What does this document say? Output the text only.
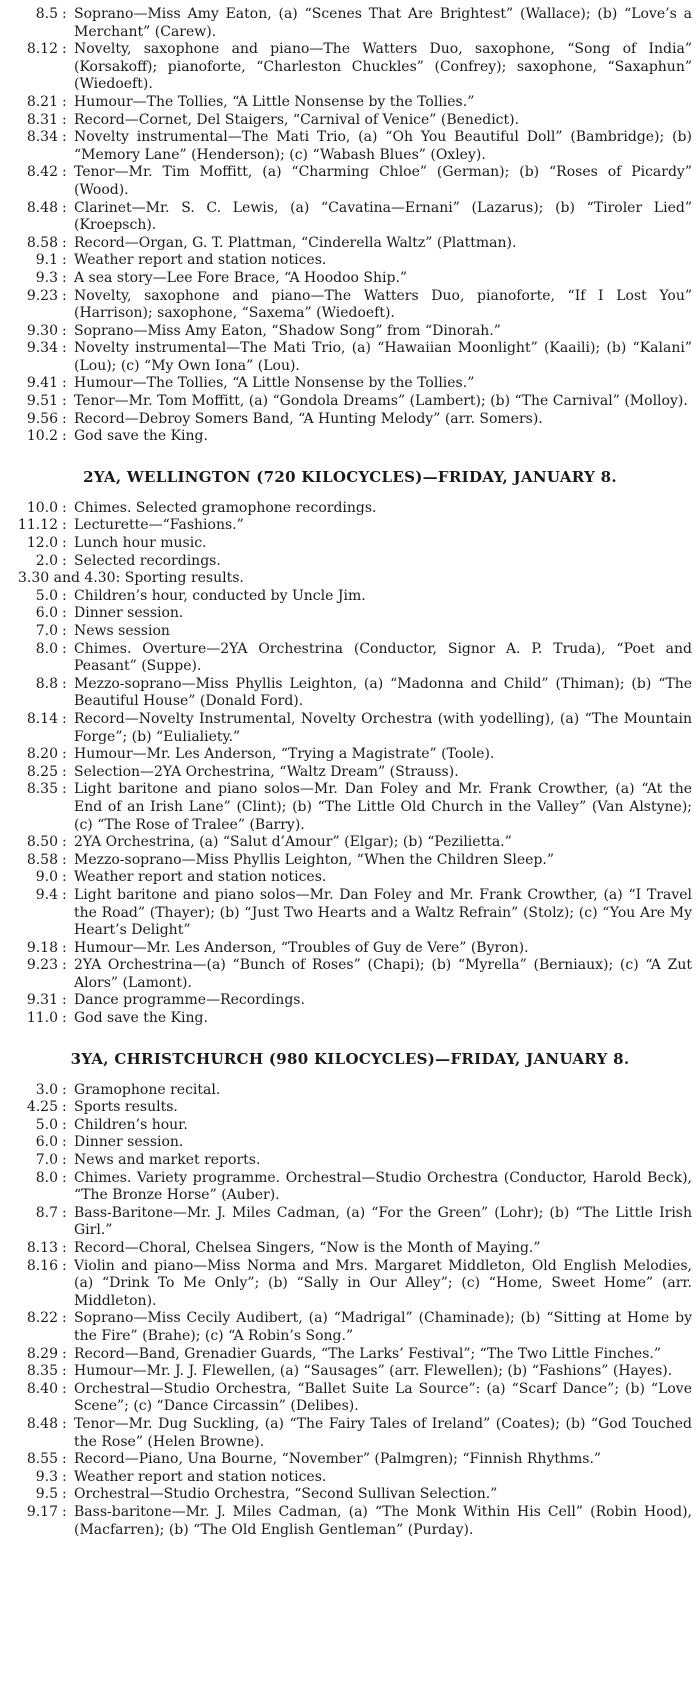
8.5 : Soprano—Miss Amy Eaton, (a) “Scenes That Are Brightest” (Wallace); (b) “Love’s a Merchant” (Carew).
8.12 : Novelty, saxophone and piano—The Watters Duo, saxophone, “Song of India” (Korsakoff); pianoforte, “Charleston Chuckles” (Confrey); saxophone, “Saxaphun” (Wiedoeft).
8.21 : Humour—The Tollies, “A Little Nonsense by the Tollies.”
8.31 : Record—Cornet, Del Staigers, “Carnival of Venice” (Benedict).
8.34 : Novelty instrumental—The Mati Trio, (a) “Oh You Beautiful Doll” (Bambridge); (b) “Memory Lane” (Henderson); (c) “Wabash Blues” (Oxley).
8.42 : Tenor—Mr. Tim Moffitt, (a) “Charming Chloe” (German); (b) “Roses of Picardy” (Wood).
8.48 : Clarinet—Mr. S. C. Lewis, (a) “Cavatina—Ernani” (Lazarus); (b) “Tiroler Lied” (Kroepsch).
8.58 : Record—Organ, G. T. Plattman, “Cinderella Waltz” (Plattman).
9.1 : Weather report and station notices.
9.3 : A sea story—Lee Fore Brace, “A Hoodoo Ship.”
9.23 : Novelty, saxophone and piano—The Watters Duo, pianoforte, “If I Lost You” (Harrison); saxophone, “Saxema” (Wiedoeft).
9.30 : Soprano—Miss Amy Eaton, “Shadow Song” from “Dinorah.”
9.34 : Novelty instrumental—The Mati Trio, (a) “Hawaiian Moonlight” (Kaaili); (b) “Kalani” (Lou); (c) “My Own Iona” (Lou).
9.41 : Humour—The Tollies, “A Little Nonsense by the Tollies.”
9.51 : Tenor—Mr. Tom Moffitt, (a) “Gondola Dreams” (Lambert); (b) “The Carnival” (Molloy).
9.56 : Record—Debroy Somers Band, “A Hunting Melody” (arr. Somers).
10.2 : God save the King.
2YA, WELLINGTON (720 KILOCYCLES)—FRIDAY, JANUARY 8.
10.0 : Chimes. Selected gramophone recordings.
11.12 : Lecturette—“Fashions.”
12.0 : Lunch hour music.
2.0 : Selected recordings.
3.30 and 4.30: Sporting results.
5.0 : Children’s hour, conducted by Uncle Jim.
6.0 : Dinner session.
7.0 : News session
8.0 : Chimes. Overture—2YA Orchestrina (Conductor, Signor A. P. Truda), “Poet and Peasant” (Suppe).
8.8 : Mezzo-soprano—Miss Phyllis Leighton, (a) “Madonna and Child” (Thiman); (b) “The Beautiful House” (Donald Ford).
8.14 : Record—Novelty Instrumental, Novelty Orchestra (with yodelling), (a) “The Mountain Forge”; (b) “Eulialiety.”
8.20 : Humour—Mr. Les Anderson, “Trying a Magistrate” (Toole).
8.25 : Selection—2YA Orchestrina, “Waltz Dream” (Strauss).
8.35 : Light baritone and piano solos—Mr. Dan Foley and Mr. Frank Crowther, (a) “At the End of an Irish Lane” (Clint); (b) “The Little Old Church in the Valley” (Van Alstyne); (c) “The Rose of Tralee” (Barry).
8.50 : 2YA Orchestrina, (a) “Salut d’Amour” (Elgar); (b) “Pezilietta.”
8.58 : Mezzo-soprano—Miss Phyllis Leighton, “When the Children Sleep.”
9.0 : Weather report and station notices.
9.4 : Light baritone and piano solos—Mr. Dan Foley and Mr. Frank Crowther, (a) “I Travel the Road” (Thayer); (b) “Just Two Hearts and a Waltz Refrain” (Stolz); (c) “You Are My Heart’s Delight”
9.18 : Humour—Mr. Les Anderson, “Troubles of Guy de Vere” (Byron).
9.23 : 2YA Orchestrina—(a) “Bunch of Roses” (Chapi); (b) “Myrella” (Berniaux); (c) “A Zut Alors” (Lamont).
9.31 : Dance programme—Recordings.
11.0 : God save the King.
3YA, CHRISTCHURCH (980 KILOCYCLES)—FRIDAY, JANUARY 8.
3.0 : Gramophone recital.
4.25 : Sports results.
5.0 : Children’s hour.
6.0 : Dinner session.
7.0 : News and market reports.
8.0 : Chimes. Variety programme. Orchestral—Studio Orchestra (Conductor, Harold Beck), “The Bronze Horse” (Auber).
8.7 : Bass-Baritone—Mr. J. Miles Cadman, (a) “For the Green” (Lohr); (b) “The Little Irish Girl.”
8.13 : Record—Choral, Chelsea Singers, “Now is the Month of Maying.”
8.16 : Violin and piano—Miss Norma and Mrs. Margaret Middleton, Old English Melodies, (a) “Drink To Me Only”; (b) “Sally in Our Alley”; (c) “Home, Sweet Home” (arr. Middleton).
8.22 : Soprano—Miss Cecily Audibert, (a) “Madrigal” (Chaminade); (b) “Sitting at Home by the Fire” (Brahe); (c) “A Robin’s Song.”
8.29 : Record—Band, Grenadier Guards, “The Larks’ Festival”; “The Two Little Finches.”
8.35 : Humour—Mr. J. J. Flewellen, (a) “Sausages” (arr. Flewellen); (b) “Fashions” (Hayes).
8.40 : Orchestral—Studio Orchestra, “Ballet Suite La Source”: (a) “Scarf Dance”; (b) “Love Scene”; (c) “Dance Circassin” (Delibes).
8.48 : Tenor—Mr. Dug Suckling, (a) “The Fairy Tales of Ireland” (Coates); (b) “God Touched the Rose” (Helen Browne).
8.55 : Record—Piano, Una Bourne, “November” (Palmgren); “Finnish Rhythms.”
9.3 : Weather report and station notices.
9.5 : Orchestral—Studio Orchestra, “Second Sullivan Selection.”
9.17 : Bass-baritone—Mr. J. Miles Cadman, (a) “The Monk Within His Cell” (Robin Hood), (Macfarren); (b) “The Old English Gentleman” (Purday).
